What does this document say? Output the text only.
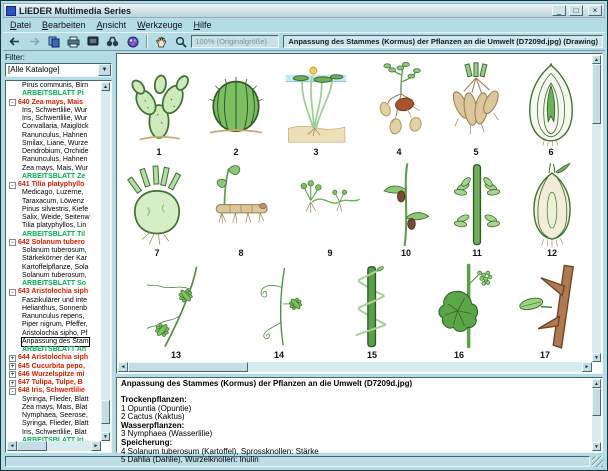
LIEDER Multimedia Series	_	□	×
Datei	Bearbeiten	Ansicht	Werkzeuge	Hilfe
100% (Originalgröße)	Anpassung des Stammes (Kormus) der Pflanzen an die Umwelt (D7209d.jpg) (Drawing)
Filter:
[Alle Kataloge]	▼
Pirus communis, Birn
ARBEITSBLATT Pi
- 640 Zea mays, Mais
Iris, Schwertlilie, Wur
Iris, Schwertlilie, Wur
Convallaria, Maiglöck
Ranunculus, Hahnen
Smilax, Liane, Wurze
Dendrobium, Orchide
Ranunculus, Hahnen
Zea mays, Mais, Wur
ARBEITSBLATT Ze
- 641 Tilia platyphyllo
Medicago, Luzerne,
Taraxacum, Löwenz
Pinus silvestris, Kiefe
Salix, Weide, Seitenw
Tilia platyphyllos, Lin
ARBEITSBLATT Til
- 642 Solanum tubero
Solanum tuberosum,
Stärkekörner der Kar
Kartoffelpflanze, Sola
Solanum tuberosum,
ARBEITSBLATT So
- 643 Aristolochia siph
Faszikulärer und inte
Helianthus, Sonnenb
Ranunculus repens,
Piper nigrum, Pfeffer,
Aristolochia sipho, Pf
Anpassung des Stam
ARBEITSBLATT An
+ 644 Aristolochia siph
+ 645 Cucurbita pepo,
+ 646 Wurzelspitze mi
+ 647 Tulipa, Tulpe, B
- 648 Iris, Schwertlilie
Syringa, Flieder, Blatt
Zea mays, Mais, Blat
Nymphaea, Seerose,
Syringa, Flieder, Blatt
Iris, Schwertlilie, Blat
▲
▼
◄	►
1	2	3	4	5	6
7	8	9	10	11	12
13	14	15	16	17
▲
▼
◄	►
Anpassung des Stammes (Kormus) der Pflanzen an die Umwelt (D7209d.jpg)
Trockenpflanzen:
1 Opuntia (Opuntie)
2 Cactus (Kaktus)
Wasserpflanzen:
3 Nymphaea (Wasserlilie)
Speicherung:
4 Solanum tuberosum (Kartoffel), Sprossknollen: Stärke
5 Dahlia (Dahlie), Wurzelknollen: Inulin
▲
▼
